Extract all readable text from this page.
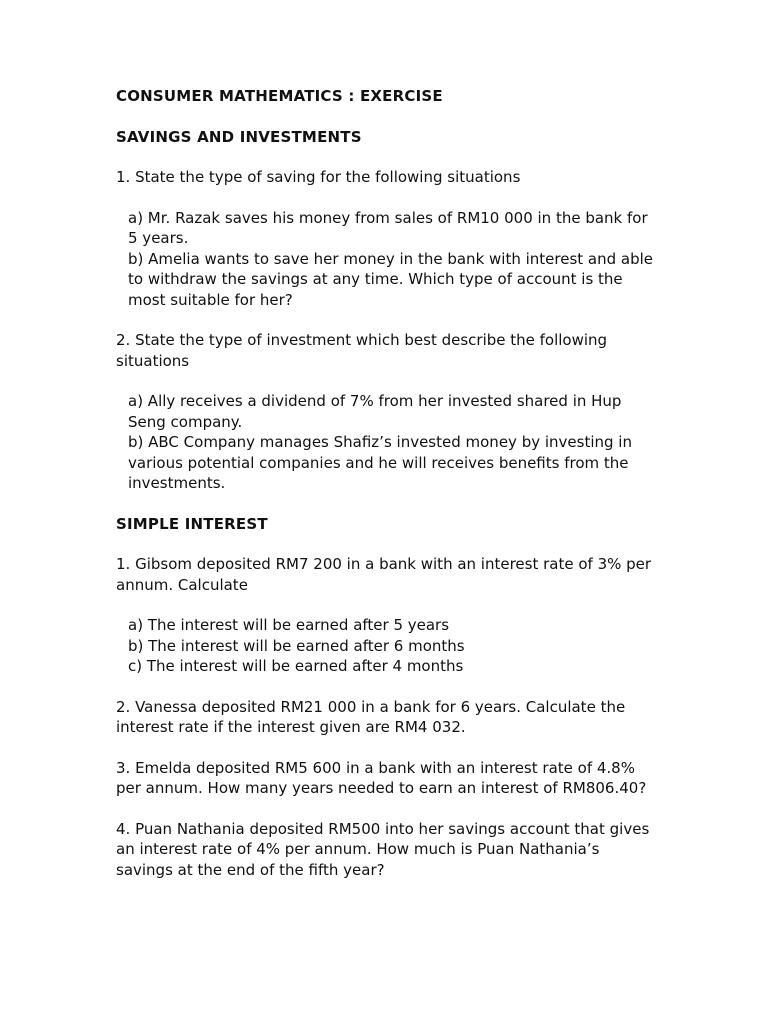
CONSUMER MATHEMATICS : EXERCISE
SAVINGS AND INVESTMENTS
1. State the type of saving for the following situations
a) Mr. Razak saves his money from sales of RM10 000 in the bank for 5 years.
b) Amelia wants to save her money in the bank with interest and able to withdraw the savings at any time. Which type of account is the most suitable for her?
2. State the type of investment which best describe the following situations
a) Ally receives a dividend of 7% from her invested shared in Hup Seng company.
b) ABC Company manages Shafiz’s invested money by investing in various potential companies and he will receives benefits from the investments.
SIMPLE INTEREST
1. Gibsom deposited RM7 200 in a bank with an interest rate of 3% per annum. Calculate
a) The interest will be earned after 5 years
b) The interest will be earned after 6 months
c) The interest will be earned after 4 months
2. Vanessa deposited RM21 000 in a bank for 6 years. Calculate the interest rate if the interest given are RM4 032.
3. Emelda deposited RM5 600 in a bank with an interest rate of 4.8% per annum. How many years needed to earn an interest of RM806.40?
4. Puan Nathania deposited RM500 into her savings account that gives an interest rate of 4% per annum. How much is Puan Nathania’s savings at the end of the fifth year?
